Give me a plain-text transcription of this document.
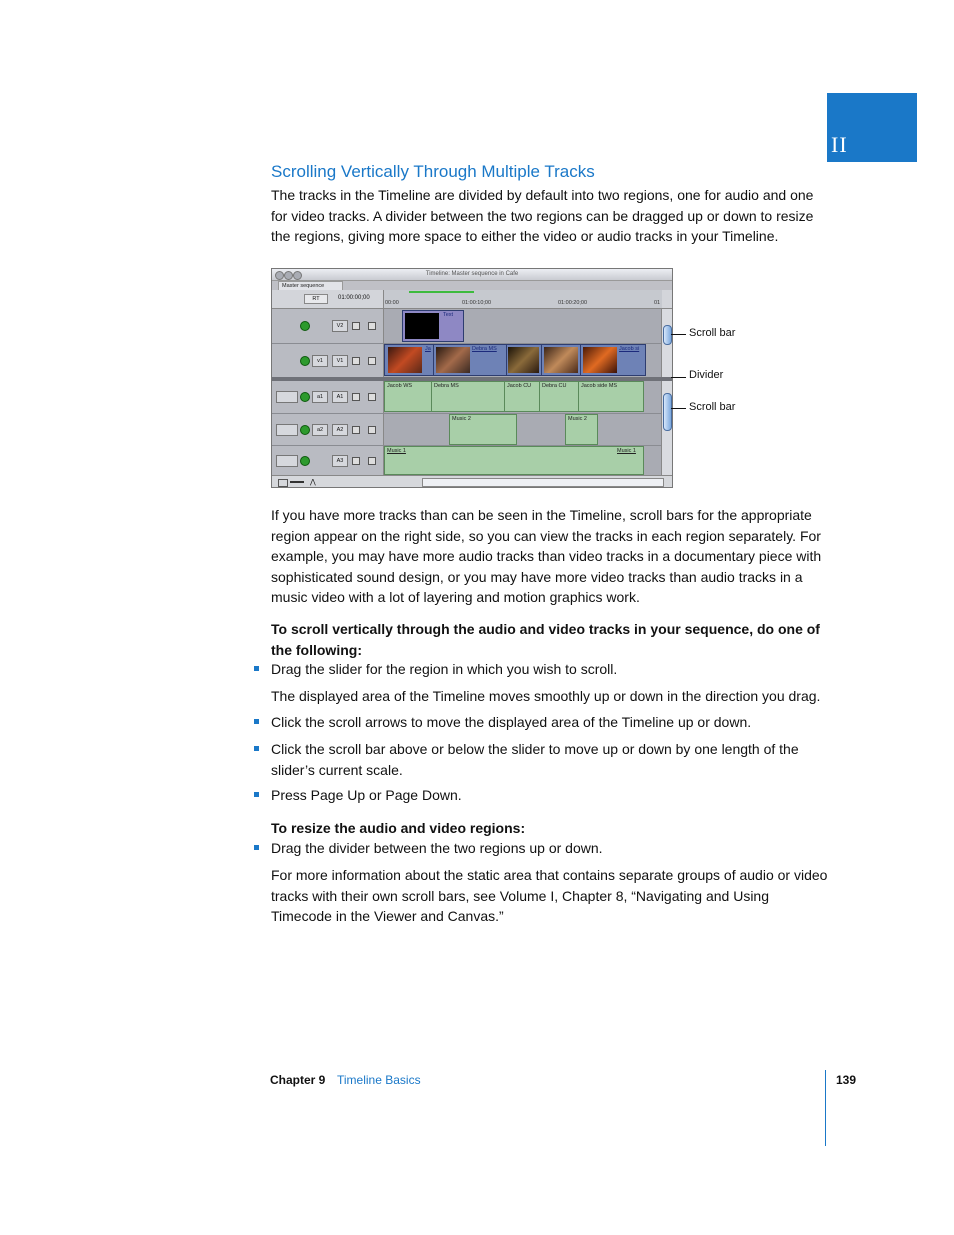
II
Scrolling Vertically Through Multiple Tracks

The tracks in the Timeline are divided by default into two regions, one for audio and one for video tracks. A divider between the two regions can be dragged up or down to resize the regions, giving more space to either the video or audio tracks in your Timeline.

Timeline: Master sequence in Cafe
Master sequence
RT	01:00:00;00
00:00	01:00:10;00	01:00:20;00	01
V2
Text
v1	V1
Ja	Debra MS	Jacob si
a1	A1
Jacob WS	Debra MS	Jacob CU Debra CU	Jacob side MS
a2	A2
Music 2	Music 2
A3
Music 1	Music 1
⋀
Scroll bar
Divider
Scroll bar

If you have more tracks than can be seen in the Timeline, scroll bars for the appropriate region appear on the right side, so you can view the tracks in each region separately. For example, you may have more audio tracks than video tracks in a documentary piece with sophisticated sound design, or you may have more video tracks than audio tracks in a music video with a lot of layering and motion graphics work.

To scroll vertically through the audio and video tracks in your sequence, do one of the following:
Drag the slider for the region in which you wish to scroll.

The displayed area of the Timeline moves smoothly up or down in the direction you drag.

Click the scroll arrows to move the displayed area of the Timeline up or down.
Click the scroll bar above or below the slider to move up or down by one length of the slider’s current scale.
Press Page Up or Page Down.
To resize the audio and video regions:
Drag the divider between the two regions up or down.

For more information about the static area that contains separate groups of audio or video tracks with their own scroll bars, see Volume I, Chapter 8, “Navigating and Using Timecode in the Viewer and Canvas.”

Chapter 9 Timeline Basics	139
